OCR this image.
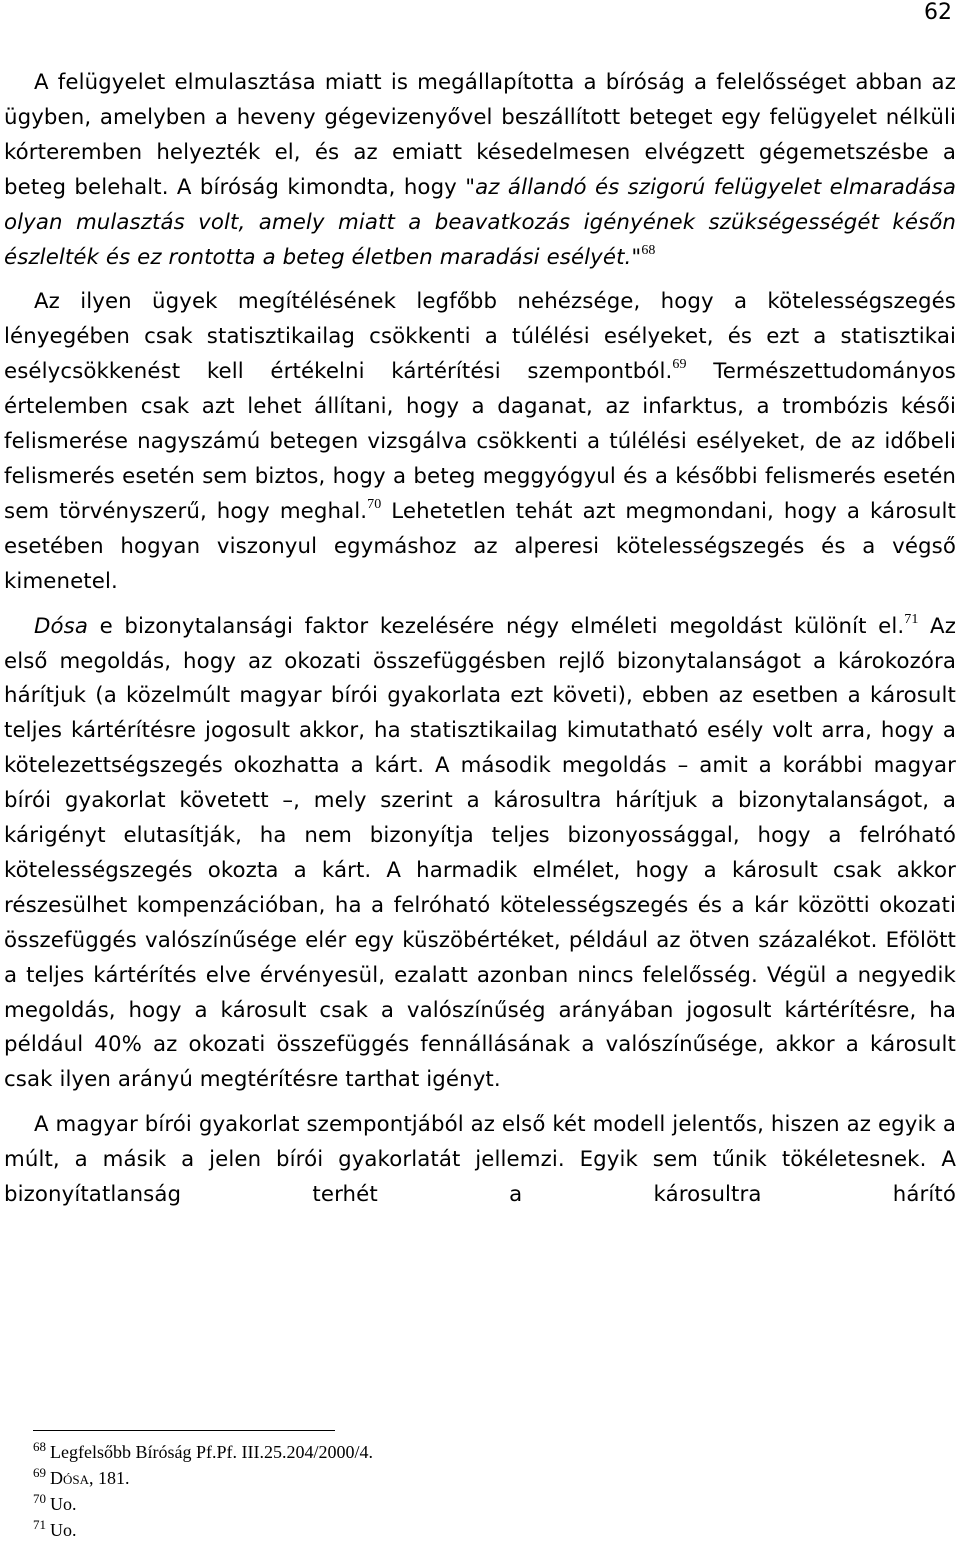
62

A felügyelet elmulasztása miatt is megállapította a bíróság a felelősséget abban az ügyben, amelyben a heveny gégevizenyővel beszállított beteget egy felügyelet nélküli kórteremben helyezték el, és az emiatt késedelmesen elvégzett gégemetszésbe a beteg belehalt. A bíróság kimondta, hogy "az állandó és szigorú felügyelet elmaradása olyan mulasztás volt, amely miatt a beavatkozás igényének szükségességét későn észlelték és ez rontotta a beteg életben maradási esélyét."$^{68}$

Az ilyen ügyek megítélésének legfőbb nehézsége, hogy a kötelességszegés lényegében csak statisztikailag csökkenti a túlélési esélyeket, és ezt a statisztikai esélycsökkenést kell értékelni kártérítési szempontból.$^{69}$ Természettudományos értelemben csak azt lehet állítani, hogy a daganat, az infarktus, a trombózis késői felismerése nagyszámú betegen vizsgálva csökkenti a túlélési esélyeket, de az időbeli felismerés esetén sem biztos, hogy a beteg meggyógyul és a későbbi felismerés esetén sem törvényszerű, hogy meghal.$^{70}$ Lehetetlen tehát azt megmondani, hogy a károsult esetében hogyan viszonyul egymáshoz az alperesi kötelességszegés és a végső kimenetel.

Dósa e bizonytalansági faktor kezelésére négy elméleti megoldást különít el.$^{71}$ Az első megoldás, hogy az okozati összefüggésben rejlő bizonytalanságot a károkozóra hárítjuk (a közelmúlt magyar bírói gyakorlata ezt követi), ebben az esetben a károsult teljes kártérítésre jogosult akkor, ha statisztikailag kimutatható esély volt arra, hogy a kötelezettségszegés okozhatta a kárt. A második megoldás – amit a korábbi magyar bírói gyakorlat követett –, mely szerint a károsultra hárítjuk a bizonytalanságot, a kárigényt elutasítják, ha nem bizonyítja teljes bizonyossággal, hogy a felróható kötelességszegés okozta a kárt. A harmadik elmélet, hogy a károsult csak akkor részesülhet kompenzációban, ha a felróható kötelességszegés és a kár közötti okozati összefüggés valószínűsége elér egy küszöbértéket, például az ötven százalékot. Efölött a teljes kártérítés elve érvényesül, ezalatt azonban nincs felelősség. Végül a negyedik megoldás, hogy a károsult csak a valószínűség arányában jogosult kártérítésre, ha például 40% az okozati összefüggés fennállásának a valószínűsége, akkor a károsult csak ilyen arányú megtérítésre tarthat igényt.

A magyar bírói gyakorlat szempontjából az első két modell jelentős, hiszen az egyik a múlt, a másik a jelen bírói gyakorlatát jellemzi. Egyik sem tűnik tökéletesnek. A bizonyítatlanság terhét a károsultra hárító

$^{68}$ Legfelsőbb Bíróság Pf.Pf. III.25.204/2000/4.
$^{69}$ Dósa, 181.
$^{70}$ Uo.
$^{71}$ Uo.
